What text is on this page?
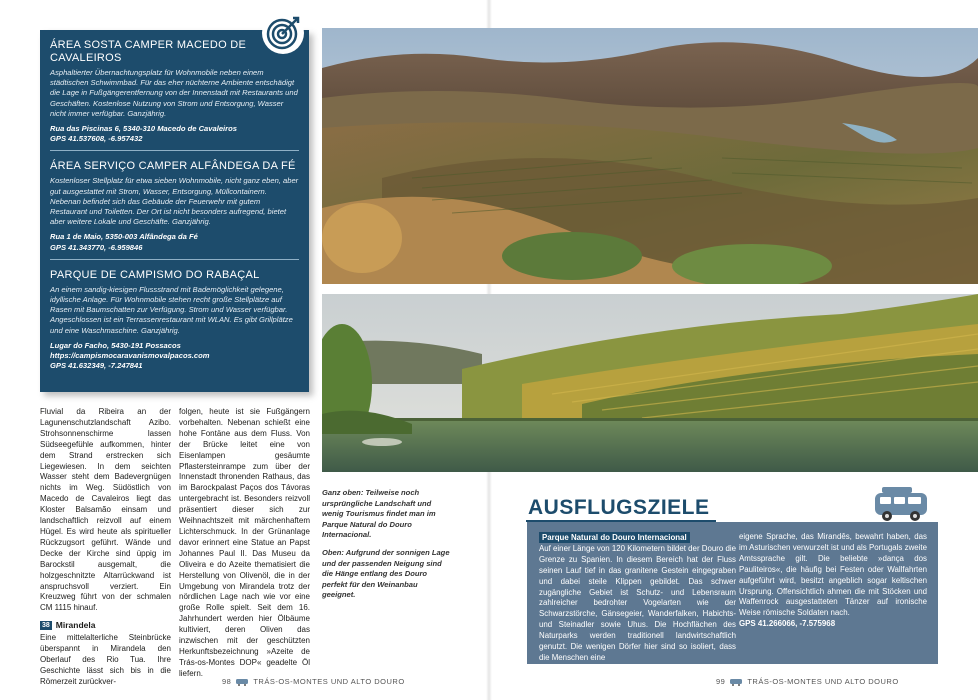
ÁREA SOSTA CAMPER MACEDO DE CAVALEIROS

Asphaltierter Übernachtungsplatz für Wohnmobile neben einem städtischen Schwimmbad. Für das eher nüchterne Ambiente entschädigt die Lage in Fußgängerentfernung von der Innenstadt mit Restaurants und Geschäften. Kostenlose Nutzung von Strom und Entsorgung, Wasser nicht immer verfügbar. Ganzjährig.

Rua das Piscinas 6, 5340-310 Macedo de Cavaleiros
GPS 41.537608, -6.957432
ÁREA SERVIÇO CAMPER ALFÂNDEGA DA FÉ

Kostenloser Stellplatz für etwa sieben Wohnmobile, nicht ganz eben, aber gut ausgestattet mit Strom, Wasser, Entsorgung, Müllcontainern. Nebenan befindet sich das Gebäude der Feuerwehr mit gutem Restaurant und Toiletten. Der Ort ist nicht besonders aufregend, bietet aber weitere Lokale und Geschäfte. Ganzjährig.

Rua 1 de Maio, 5350-003 Alfândega da Fé
GPS 41.343770, -6.959846
PARQUE DE CAMPISMO DO RABAÇAL

An einem sandig-kiesigen Flussstrand mit Bademöglichkeit gelegene, idyllische Anlage. Für Wohnmobile stehen recht große Stellplätze auf Rasen mit Baumschatten zur Verfügung. Strom und Wasser verfügbar. Angeschlossen ist ein Terrassenrestaurant mit WLAN. Es gibt Grillplätze und eine Waschmaschine. Ganzjährig.

Lugar do Facho, 5430-191 Possacos
https://campismocaravanismovalpacos.com
GPS 41.632349, -7.247841

Fluvial da Ribeira an der Lagunenschutzlandschaft Azibo. Strohsonnenschirme lassen Südseegefühle aufkommen, hinter dem Strand erstrecken sich Liegewiesen. In dem seichten Wasser steht dem Badevergnügen nichts im Weg. Südöstlich von Macedo de Cavaleiros liegt das Kloster Balsamão einsam und landschaftlich reizvoll auf einem Hügel. Es wird heute als spiritueller Rückzugsort geführt. Wände und Decke der Kirche sind üppig im Barockstil ausgemalt, die holzgeschnitzte Altarrückwand ist anspruchsvoll verziert. Ein Kreuzweg führt von der schmalen CM 1115 hinauf.

38 Mirandela

Eine mittelalterliche Steinbrücke überspannt in Mirandela den Oberlauf des Rio Tua. Ihre Geschichte lässt sich bis in die Römerzeit zurückver-

folgen, heute ist sie Fußgängern vorbehalten. Nebenan schießt eine hohe Fontäne aus dem Fluss. Von der Brücke leitet eine von Eisenlampen gesäumte Pflastersteinrampe zum über der Innenstadt thronenden Rathaus, das im Barockpalast Paços dos Távoras untergebracht ist. Besonders reizvoll präsentiert dieser sich zur Weihnachtszeit mit märchenhaftem Lichterschmuck. In der Grünanlage davor erinnert eine Statue an Papst Johannes Paul II. Das Museu da Oliveira e do Azeite thematisiert die Herstellung von Olivenöl, die in der Umgebung von Mirandela trotz der nördlichen Lage nach wie vor eine große Rolle spielt. Seit dem 16. Jahrhundert werden hier Ölbäume kultiviert, deren Oliven das inzwischen mit der geschützten Herkunftsbezeichnung »Azeite de Trás-os-Montes DOP« geadelte Öl liefern.

Ganz oben: Teilweise noch ursprüngliche Landschaft und wenig Tourismus findet man im Parque Natural do Douro Internacional.

Oben: Aufgrund der sonnigen Lage und der passenden Neigung sind die Hänge entlang des Douro perfekt für den Weinanbau geeignet.

AUSFLUGSZIELE
Parque Natural do Douro Internacional

Auf einer Länge von 120 Kilometern bildet der Douro die Grenze zu Spanien. In diesem Bereich hat der Fluss seinen Lauf tief in das granitene Gestein eingegraben und dabei steile Klippen gebildet. Das schwer zugängliche Gebiet ist Schutz- und Lebensraum zahlreicher bedrohter Vogelarten wie der Schwarzstörche, Gänsegeier, Wanderfalken, Habichts- und Steinadler sowie Uhus. Die Hochflächen des Naturparks werden traditionell landwirtschaftlich genutzt. Die wenigen Dörfer hier sind so isoliert, dass die Menschen eine

eigene Sprache, das Mirandês, bewahrt haben, das im Asturischen verwurzelt ist und als Portugals zweite Amtssprache gilt. Die beliebte »dança dos Pauliteiros«, die häufig bei Festen oder Wallfahrten aufgeführt wird, besitzt angeblich sogar keltischen Ursprung. Offensichtlich ahmen die mit Stöcken und Waffenrock ausgestatteten Tänzer auf ironische Weise römische Soldaten nach.

GPS 41.266066, -7.575968

98	TRÁS-OS-MONTES UND ALTO DOURO	99	TRÁS-OS-MONTES UND ALTO DOURO
